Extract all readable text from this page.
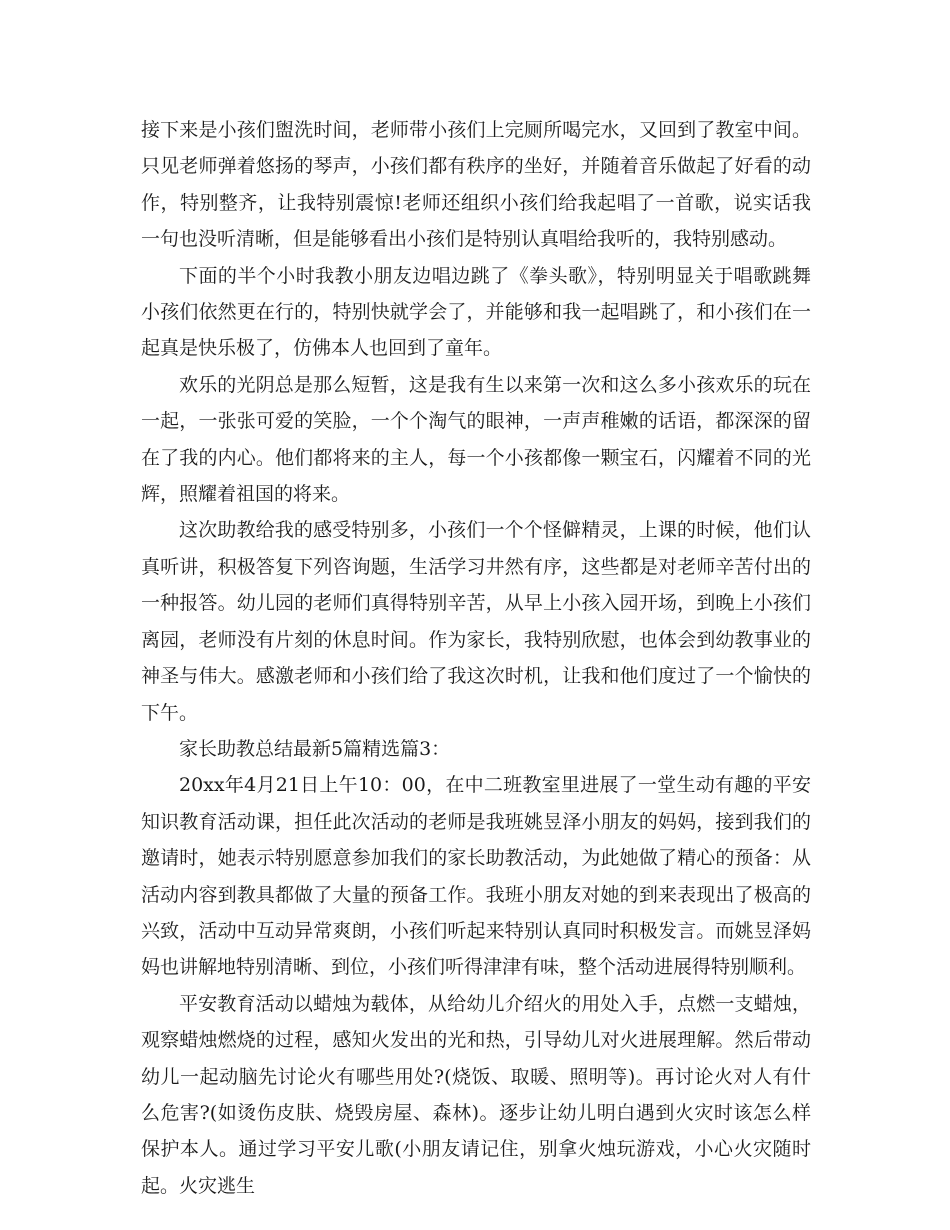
接下来是小孩们盥洗时间，老师带小孩们上完厕所喝完水，又回到了教室中间。只见老师弹着悠扬的琴声，小孩们都有秩序的坐好，并随着音乐做起了好看的动作，特别整齐，让我特别震惊!老师还组织小孩们给我起唱了一首歌，说实话我一句也没听清晰，但是能够看出小孩们是特别认真唱给我听的，我特别感动。

下面的半个小时我教小朋友边唱边跳了《拳头歌》，特别明显关于唱歌跳舞小孩们依然更在行的，特别快就学会了，并能够和我一起唱跳了，和小孩们在一起真是快乐极了，仿佛本人也回到了童年。

欢乐的光阴总是那么短暂，这是我有生以来第一次和这么多小孩欢乐的玩在一起，一张张可爱的笑脸，一个个淘气的眼神，一声声稚嫩的话语，都深深的留在了我的内心。他们都将来的主人，每一个小孩都像一颗宝石，闪耀着不同的光辉，照耀着祖国的将来。

这次助教给我的感受特别多，小孩们一个个怪僻精灵，上课的时候，他们认真听讲，积极答复下列咨询题，生活学习井然有序，这些都是对老师辛苦付出的一种报答。幼儿园的老师们真得特别辛苦，从早上小孩入园开场，到晚上小孩们离园，老师没有片刻的休息时间。作为家长，我特别欣慰，也体会到幼教事业的神圣与伟大。感激老师和小孩们给了我这次时机，让我和他们度过了一个愉快的下午。

家长助教总结最新5篇精选篇3：

20xx年4月21日上午10：00，在中二班教室里进展了一堂生动有趣的平安知识教育活动课，担任此次活动的老师是我班姚昱泽小朋友的妈妈，接到我们的邀请时，她表示特别愿意参加我们的家长助教活动，为此她做了精心的预备：从活动内容到教具都做了大量的预备工作。我班小朋友对她的到来表现出了极高的兴致，活动中互动异常爽朗，小孩们听起来特别认真同时积极发言。而姚昱泽妈妈也讲解地特别清晰、到位，小孩们听得津津有味，整个活动进展得特别顺利。

平安教育活动以蜡烛为载体，从给幼儿介绍火的用处入手，点燃一支蜡烛，观察蜡烛燃烧的过程，感知火发出的光和热，引导幼儿对火进展理解。然后带动幼儿一起动脑先讨论火有哪些用处?(烧饭、取暖、照明等)。再讨论火对人有什么危害?(如烫伤皮肤、烧毁房屋、森林)。逐步让幼儿明白遇到火灾时该怎么样保护本人。通过学习平安儿歌(小朋友请记住，别拿火烛玩游戏，小心火灾随时起。火灾逃生
